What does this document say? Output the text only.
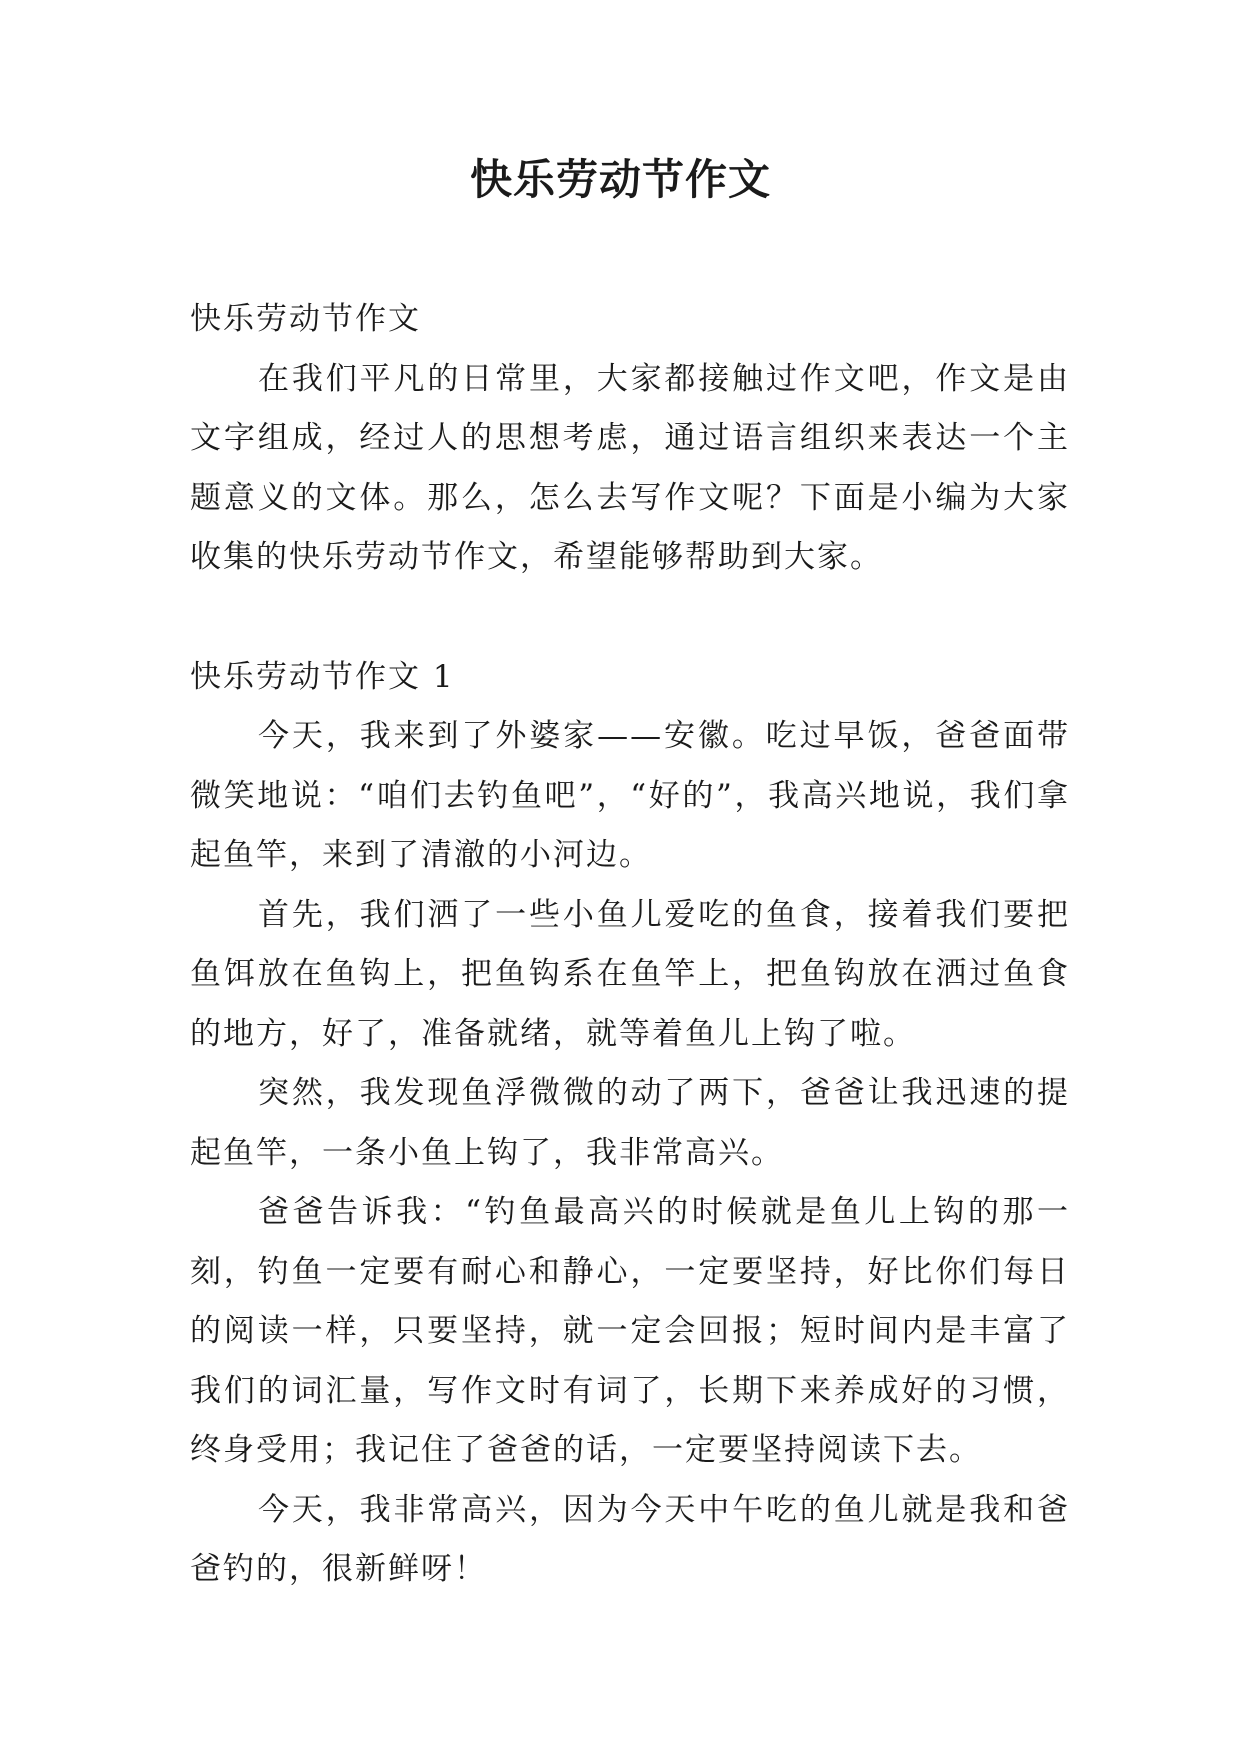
快乐劳动节作文

快乐劳动节作文

在我们平凡的日常里，大家都接触过作文吧，作文是由文字组成，经过人的思想考虑，通过语言组织来表达一个主题意义的文体。那么，怎么去写作文呢？下面是小编为大家收集的快乐劳动节作文，希望能够帮助到大家。

快乐劳动节作文 1

今天，我来到了外婆家——安徽。吃过早饭，爸爸面带微笑地说：“咱们去钓鱼吧”，“好的”，我高兴地说，我们拿起鱼竿，来到了清澈的小河边。

首先，我们洒了一些小鱼儿爱吃的鱼食，接着我们要把鱼饵放在鱼钩上，把鱼钩系在鱼竿上，把鱼钩放在洒过鱼食的地方，好了，准备就绪，就等着鱼儿上钩了啦。

突然，我发现鱼浮微微的动了两下，爸爸让我迅速的提起鱼竿，一条小鱼上钩了，我非常高兴。

爸爸告诉我：“钓鱼最高兴的时候就是鱼儿上钩的那一刻，钓鱼一定要有耐心和静心，一定要坚持，好比你们每日的阅读一样，只要坚持，就一定会回报；短时间内是丰富了我们的词汇量，写作文时有词了，长期下来养成好的习惯，终身受用；我记住了爸爸的话，一定要坚持阅读下去。

今天，我非常高兴，因为今天中午吃的鱼儿就是我和爸爸钓的，很新鲜呀！
